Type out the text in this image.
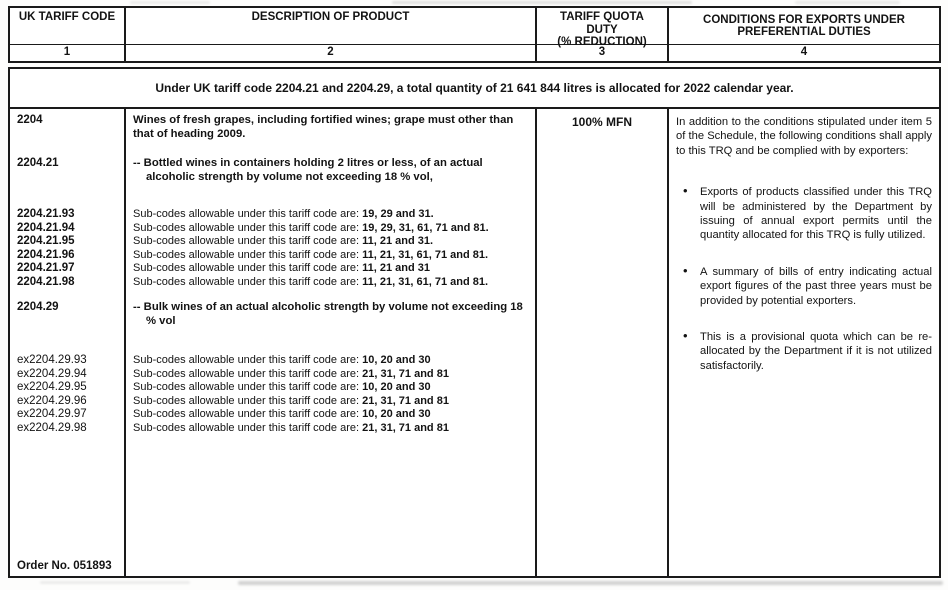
UK TARIFF CODE	DESCRIPTION OF PRODUCT	TARIFF QUOTA
DUTY
(% REDUCTION)
CONDITIONS FOR EXPORTS UNDER
PREFERENTIAL DUTIES
1	2	3	4
Under UK tariff code 2204.21 and 2204.29, a total quantity of 21 641 844 litres is allocated for 2022 calendar year.
2204	Wines of fresh grapes, including fortified wines; grape must other than that of heading 2009.
2204.21	-- Bottled wines in containers holding 2 litres or less, of an actual alcoholic strength by volume not exceeding 18 % vol,
2204.21.93	Sub-codes allowable under this tariff code are: 19, 29 and 31.
2204.21.94	Sub-codes allowable under this tariff code are: 19, 29, 31, 61, 71 and 81.
2204.21.95	Sub-codes allowable under this tariff code are: 11, 21 and 31.
2204.21.96	Sub-codes allowable under this tariff code are: 11, 21, 31, 61, 71 and 81.
2204.21.97	Sub-codes allowable under this tariff code are: 11, 21 and 31
2204.21.98	Sub-codes allowable under this tariff code are: 11, 21, 31, 61, 71 and 81.
2204.29	-- Bulk wines of an actual alcoholic strength by volume not exceeding 18 % vol
ex2204.29.93	Sub-codes allowable under this tariff code are: 10, 20 and 30
ex2204.29.94	Sub-codes allowable under this tariff code are: 21, 31, 71 and 81
ex2204.29.95	Sub-codes allowable under this tariff code are: 10, 20 and 30
ex2204.29.96	Sub-codes allowable under this tariff code are: 21, 31, 71 and 81
ex2204.29.97	Sub-codes allowable under this tariff code are: 10, 20 and 30
ex2204.29.98	Sub-codes allowable under this tariff code are: 21, 31, 71 and 81
Order No. 051893
100% MFN	In addition to the conditions stipulated under item 5 of the Schedule, the following conditions shall apply to this TRQ and be complied with by exporters:

• Exports of products classified under this TRQ will be administered by the Department by issuing of annual export permits until the quantity allocated for this TRQ is fully utilized.
• A summary of bills of entry indicating actual export figures of the past three years must be provided by potential exporters.
• This is a provisional quota which can be re-allocated by the Department if it is not utilized satisfactorily.
